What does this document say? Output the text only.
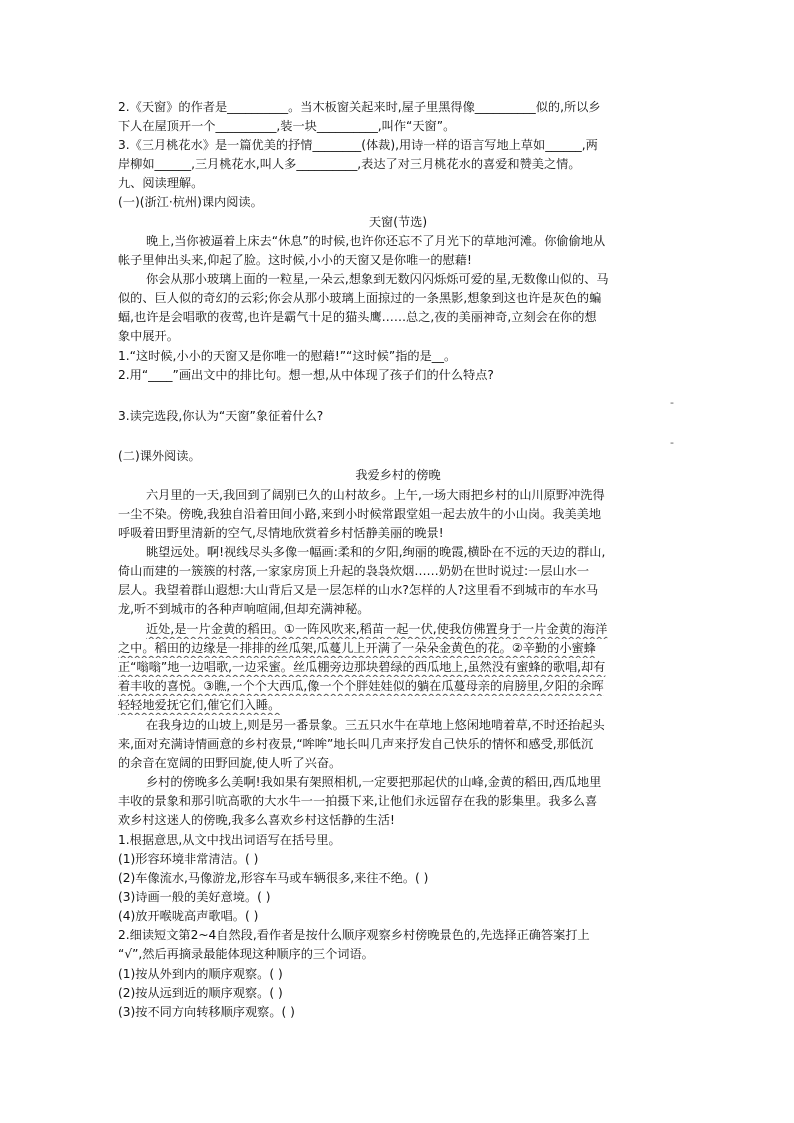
2.《天窗》的作者是__________。当木板窗关起来时,屋子里黑得像__________似的,所以乡
下人在屋顶开一个__________,装一块__________,叫作“天窗”。
3.《三月桃花水》是一篇优美的抒情________(体裁),用诗一样的语言写地上草如______,两
岸柳如______,三月桃花水,叫人多__________,表达了对三月桃花水的喜爱和赞美之情。
九、阅读理解。
(一)(浙江·杭州)课内阅读。
天窗(节选)
晚上,当你被逼着上床去“休息”的时候,也许你还忘不了月光下的草地河滩。你偷偷地从
帐子里伸出头来,仰起了脸。这时候,小小的天窗又是你唯一的慰藉!
你会从那小玻璃上面的一粒星,一朵云,想象到无数闪闪烁烁可爱的星,无数像山似的、马
似的、巨人似的奇幻的云彩;你会从那小玻璃上面掠过的一条黑影,想象到这也许是灰色的蝙
蝠,也许是会唱歌的夜莺,也许是霸气十足的猫头鹰……总之,夜的美丽神奇,立刻会在你的想
象中展开。
1.“这时候,小小的天窗又是你唯一的慰藉!”“这时候”指的是__。
2.用“____”画出文中的排比句。想一想,从中体现了孩子们的什么特点?
-
3.读完选段,你认为“天窗”象征着什么?
-
(二)课外阅读。
我爱乡村的傍晚
六月里的一天,我回到了阔别已久的山村故乡。上午,一场大雨把乡村的山川原野冲洗得
一尘不染。傍晚,我独自沿着田间小路,来到小时候常跟堂姐一起去放牛的小山岗。我美美地
呼吸着田野里清新的空气,尽情地欣赏着乡村恬静美丽的晚景!
眺望远处。啊!视线尽头多像一幅画:柔和的夕阳,绚丽的晚霞,横卧在不远的天边的群山,
倚山而建的一簇簇的村落,一家家房顶上升起的袅袅炊烟……奶奶在世时说过:一层山水一
层人。我望着群山遐想:大山背后又是一层怎样的山水?怎样的人?这里看不到城市的车水马
龙,听不到城市的各种声响喧闹,但却充满神秘。
近处,是一片金黄的稻田。①一阵风吹来,稻苗一起一伏,使我仿佛置身于一片金黄的海洋
之中。稻田的边缘是一排排的丝瓜架,瓜蔓儿上开满了一朵朵金黄色的花。②辛勤的小蜜蜂
正“嗡嗡”地一边唱歌,一边采蜜。丝瓜棚旁边那块碧绿的西瓜地上,虽然没有蜜蜂的歌唱,却有
着丰收的喜悦。③瞧,一个个大西瓜,像一个个胖娃娃似的躺在瓜蔓母亲的肩膀里,夕阳的余晖
轻轻地爱抚它们,催它们入睡。
在我身边的山坡上,则是另一番景象。三五只水牛在草地上悠闲地啃着草,不时还抬起头
来,面对充满诗情画意的乡村夜景,“哞哞”地长叫几声来抒发自己快乐的情怀和感受,那低沉
的余音在宽阔的田野回旋,使人听了兴奋。
乡村的傍晚多么美啊!我如果有架照相机,一定要把那起伏的山峰,金黄的稻田,西瓜地里
丰收的景象和那引吭高歌的大水牛一一拍摄下来,让他们永远留存在我的影集里。我多么喜
欢乡村这迷人的傍晚,我多么喜欢乡村这恬静的生活!
1.根据意思,从文中找出词语写在括号里。
(1)形容环境非常清洁。( )
(2)车像流水,马像游龙,形容车马或车辆很多,来往不绝。( )
(3)诗画一般的美好意境。( )
(4)放开喉咙高声歌唱。( )
2.细读短文第2~4自然段,看作者是按什么顺序观察乡村傍晚景色的,先选择正确答案打上
“√”,然后再摘录最能体现这种顺序的三个词语。
(1)按从外到内的顺序观察。( )
(2)按从远到近的顺序观察。( )
(3)按不同方向转移顺序观察。( )
